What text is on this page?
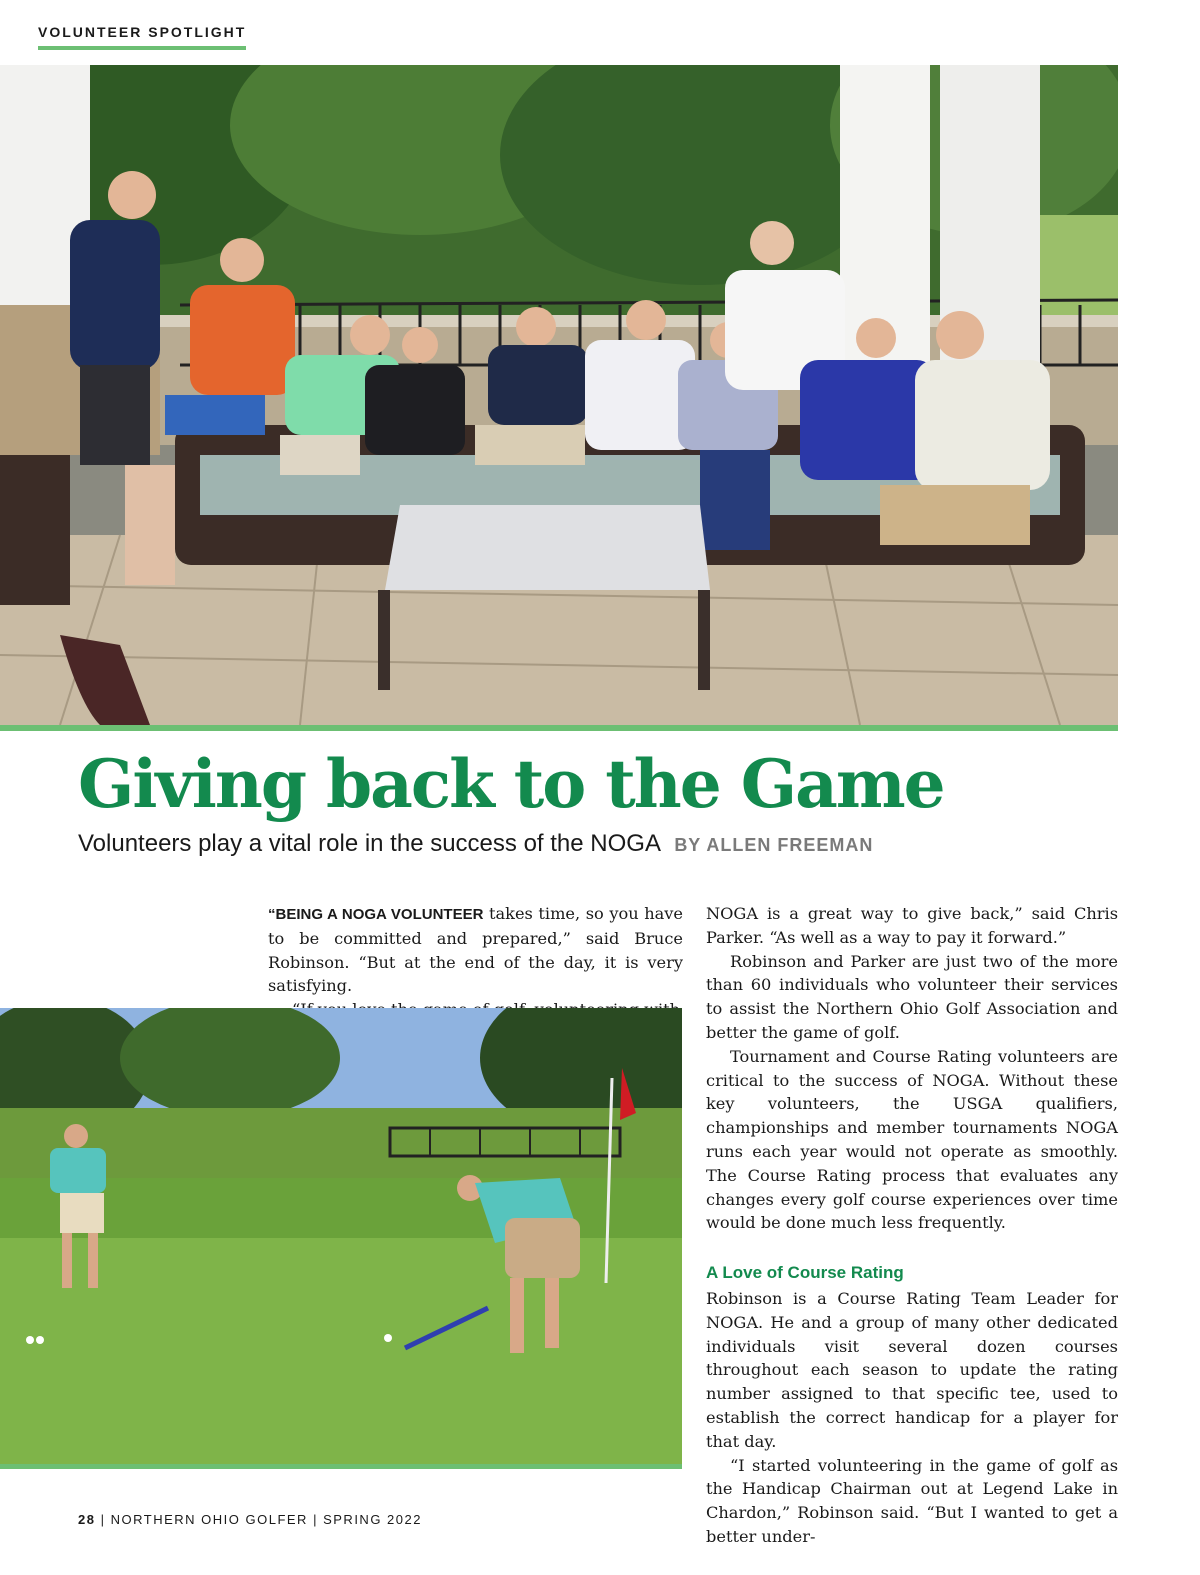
VOLUNTEER SPOTLIGHT
Giving back to the Game
Volunteers play a vital role in the success of the NOGA BY ALLEN FREEMAN

“BEING A NOGA VOLUNTEER takes time, so you have to be committed and prepared,” said Bruce Robinson. “But at the end of the day, it is very satisfying.

NOGA is a great way to give back,” said Chris Parker. “As well as a way to pay it forward.”

Robinson and Parker are just two of the more than 60 individuals who volunteer their services to assist the Northern Ohio Golf Association and better the game of golf.

Tournament and Course Rating volunteers are critical to the success of NOGA. Without these key volunteers, the USGA qualifiers, championships and member tournaments NOGA runs each year would not operate as smoothly. The Course Rating process that evaluates any changes every golf course experiences over time would be done much less frequently.

A Love of Course Rating

Robinson is a Course Rating Team Leader for NOGA. He and a group of many other dedicated individuals visit several dozen courses throughout each season to update the rating number assigned to that specific tee, used to establish the correct handicap for a player for that day.

“I started volunteering in the game of golf as the Handicap Chairman out at Legend Lake in Chardon,” Robinson said. “But I wanted to get a better under-

28 | NORTHERN OHIO GOLFER | SPRING 2022
